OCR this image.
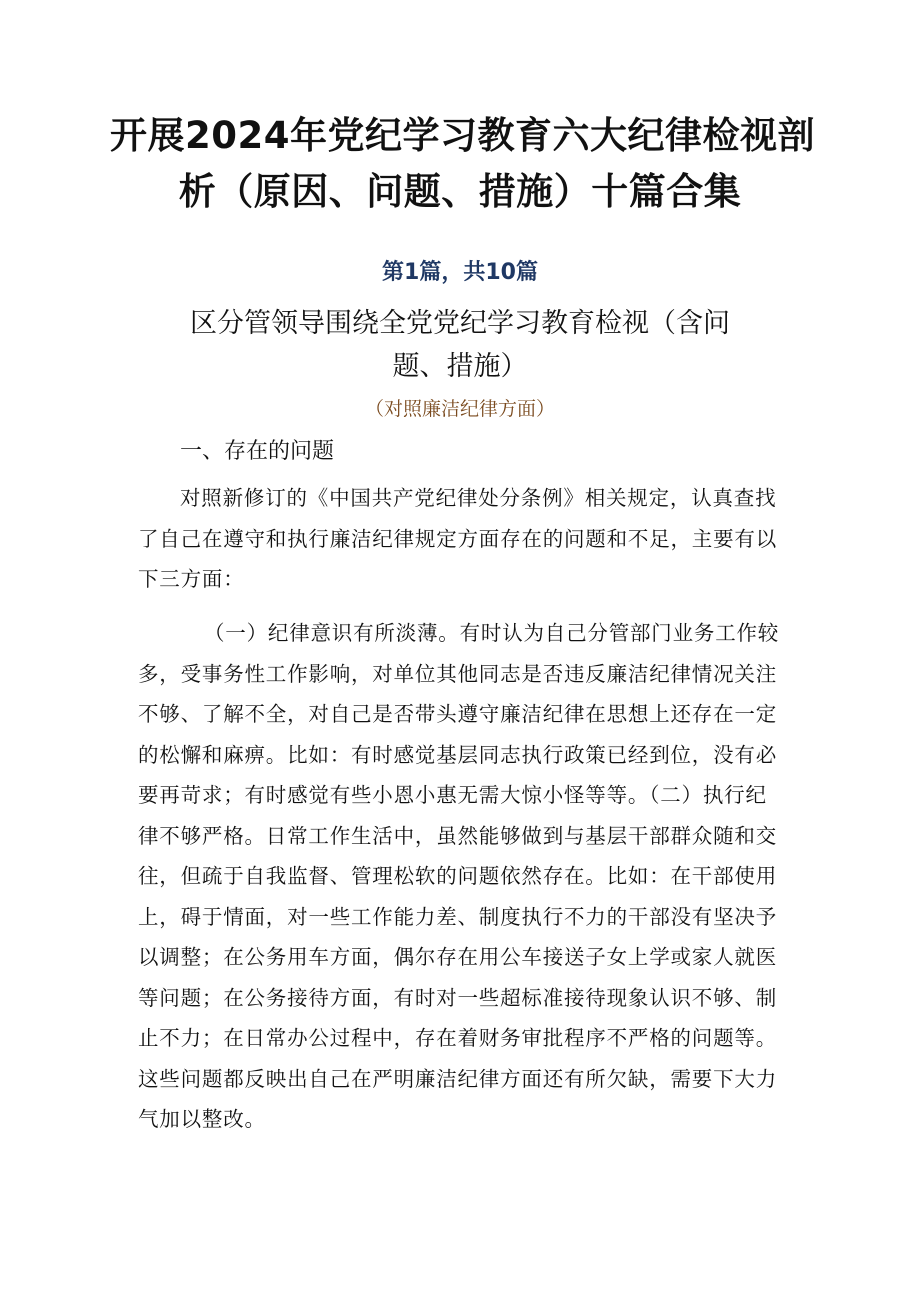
开展2024年党纪学习教育六大纪律检视剖
析（原因、问题、措施）十篇合集
第1篇，共10篇
区分管领导围绕全党党纪学习教育检视（含问
题、措施）
（对照廉洁纪律方面）
一、存在的问题
对照新修订的《中国共产党纪律处分条例》相关规定，认真查找
了自己在遵守和执行廉洁纪律规定方面存在的问题和不足，主要有以
下三方面：
（一）纪律意识有所淡薄。有时认为自己分管部门业务工作较
多，受事务性工作影响，对单位其他同志是否违反廉洁纪律情况关注
不够、了解不全，对自己是否带头遵守廉洁纪律在思想上还存在一定
的松懈和麻痹。比如：有时感觉基层同志执行政策已经到位，没有必
要再苛求；有时感觉有些小恩小惠无需大惊小怪等等。（二）执行纪
律不够严格。日常工作生活中，虽然能够做到与基层干部群众随和交
往，但疏于自我监督、管理松软的问题依然存在。比如：在干部使用
上，碍于情面，对一些工作能力差、制度执行不力的干部没有坚决予
以调整；在公务用车方面，偶尔存在用公车接送子女上学或家人就医
等问题；在公务接待方面，有时对一些超标准接待现象认识不够、制
止不力；在日常办公过程中，存在着财务审批程序不严格的问题等。
这些问题都反映出自己在严明廉洁纪律方面还有所欠缺，需要下大力
气加以整改。
